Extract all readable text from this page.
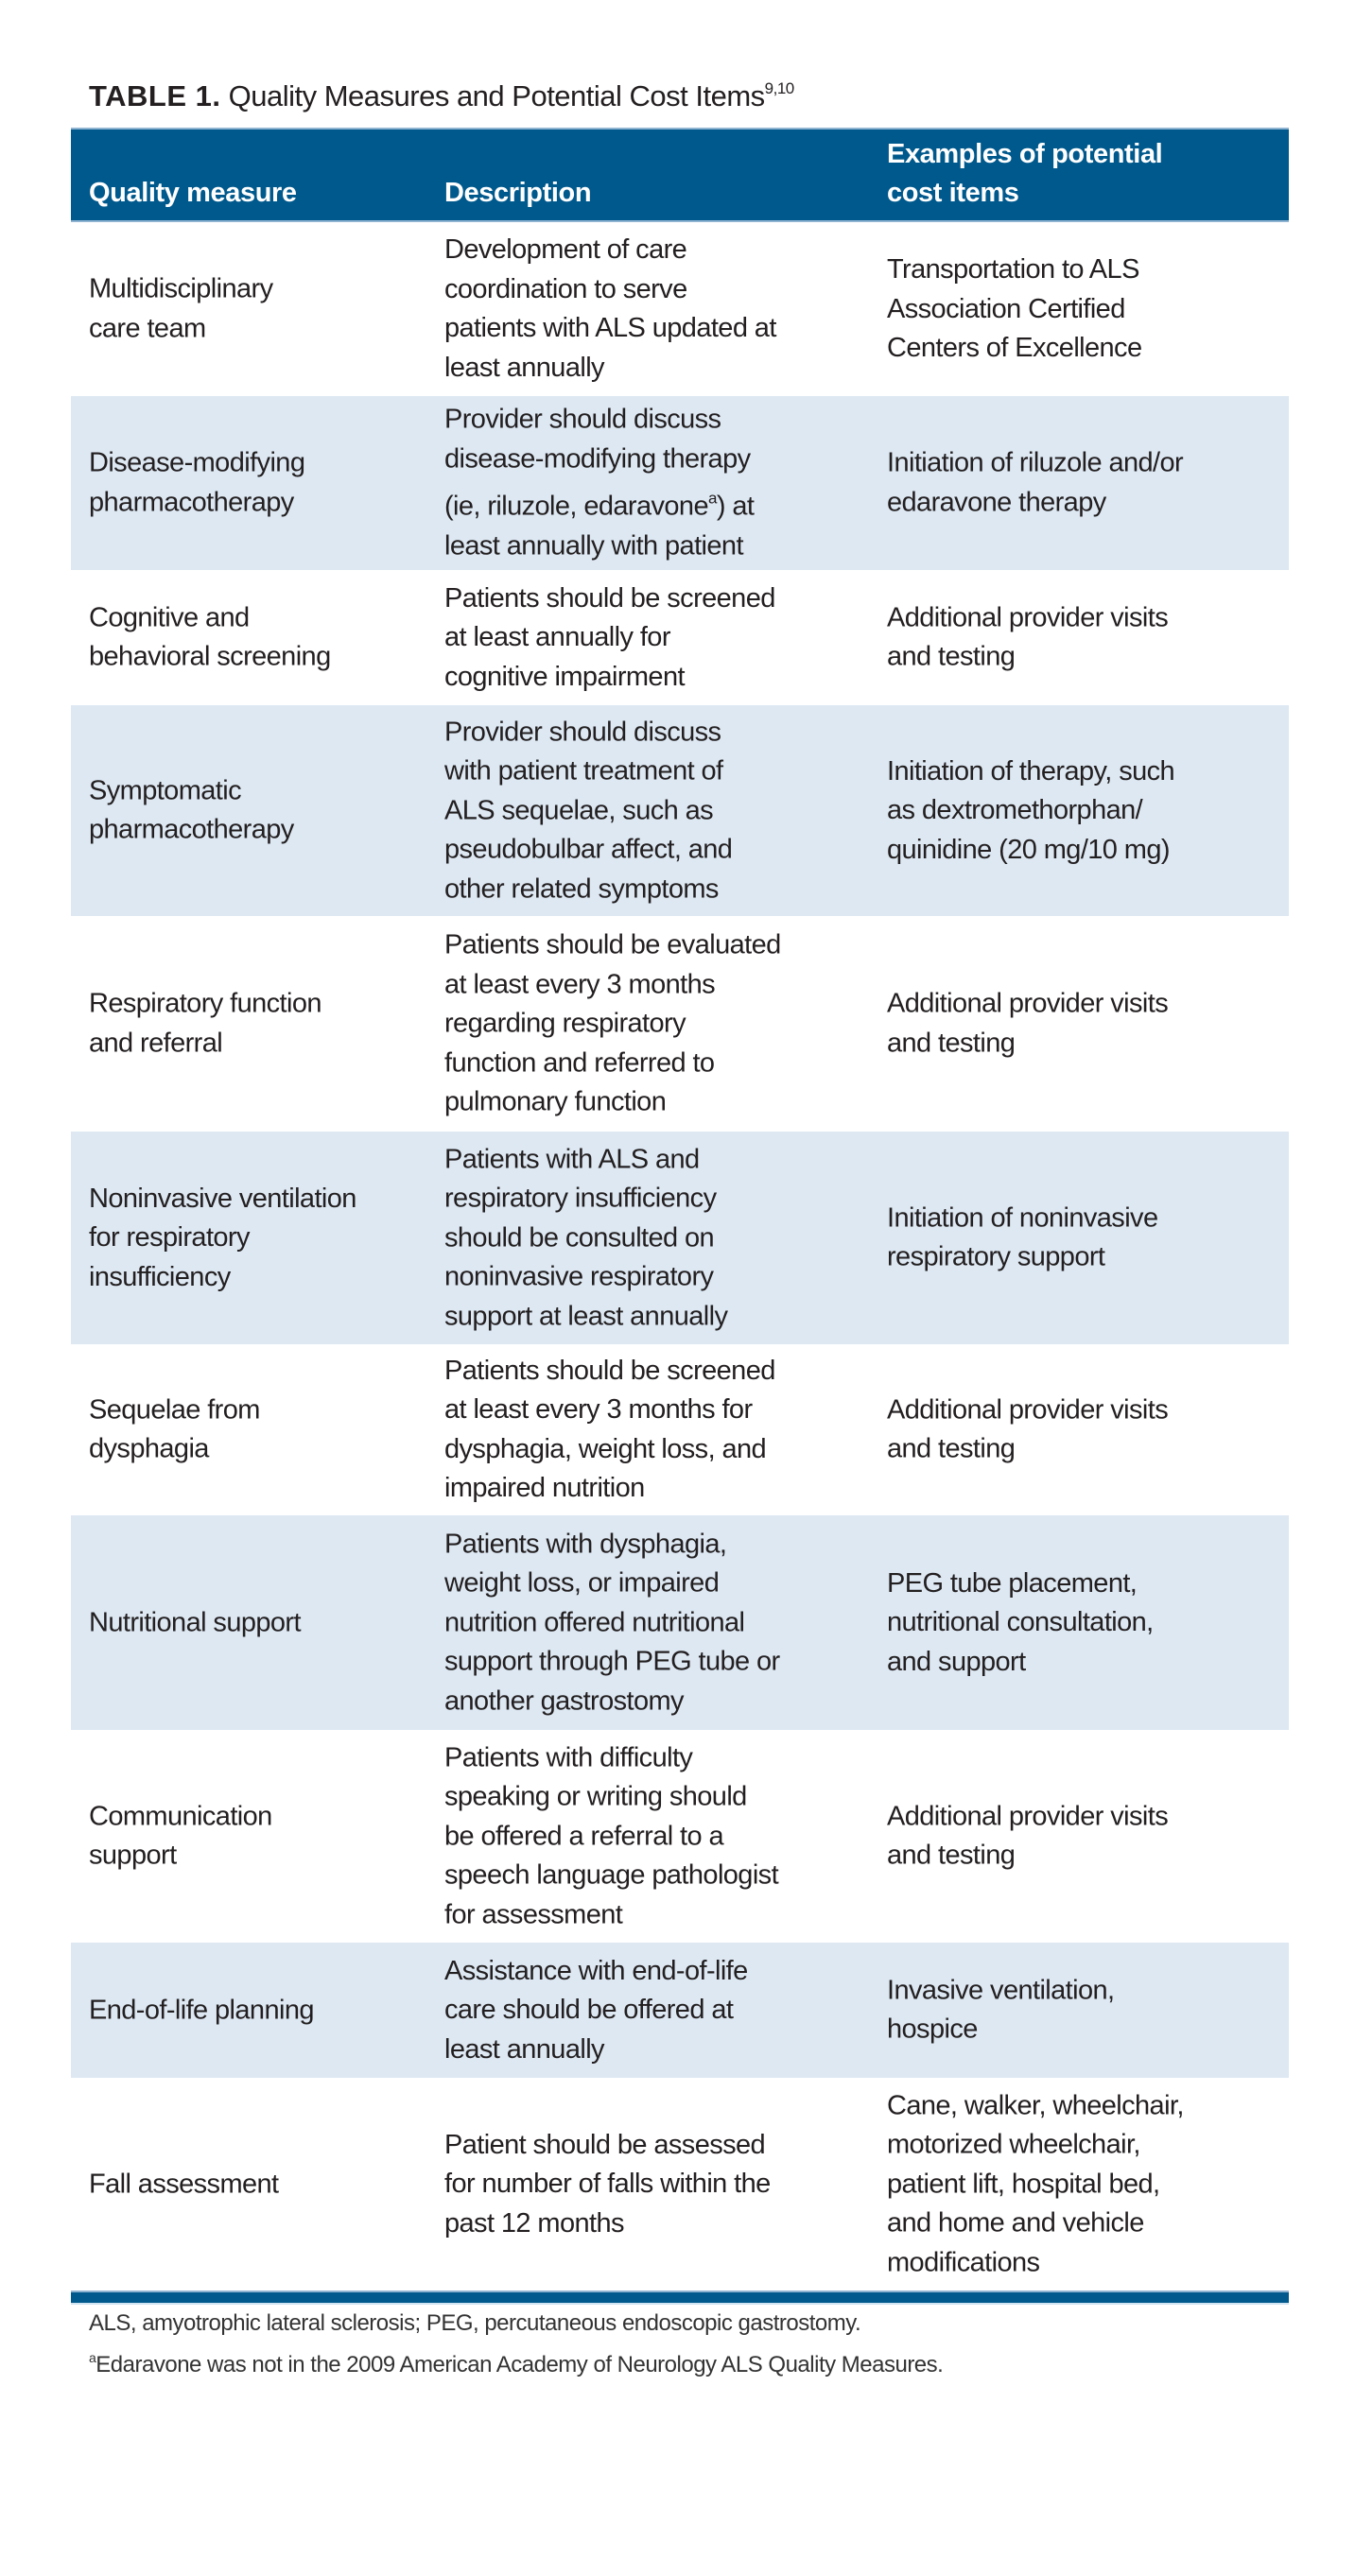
TABLE 1. Quality Measures and Potential Cost Items$^{9,10}$
Quality measure	Description
Examples of potential
cost items
Multidisciplinary
care team
Development of care
coordination to serve
patients with ALS updated at
least annually
Transportation to ALS
Association Certified
Centers of Excellence
Disease-modifying
pharmacotherapy
Provider should discuss
disease-modifying therapy
(ie, riluzole, edaravone$^a$) at
least annually with patient
Initiation of riluzole and/or
edaravone therapy
Cognitive and
behavioral screening
Patients should be screened
at least annually for
cognitive impairment
Additional provider visits
and testing
Symptomatic
pharmacotherapy
Provider should discuss
with patient treatment of
ALS sequelae, such as
pseudobulbar affect, and
other related symptoms
Initiation of therapy, such
as dextromethorphan/
quinidine (20 mg/10 mg)
Respiratory function
and referral
Patients should be evaluated
at least every 3 months
regarding respiratory
function and referred to
pulmonary function
Additional provider visits
and testing
Noninvasive ventilation
for respiratory
insufficiency
Patients with ALS and
respiratory insufficiency
should be consulted on
noninvasive respiratory
support at least annually
Initiation of noninvasive
respiratory support
Sequelae from
dysphagia
Patients should be screened
at least every 3 months for
dysphagia, weight loss, and
impaired nutrition
Additional provider visits
and testing
Nutritional support
Patients with dysphagia,
weight loss, or impaired
nutrition offered nutritional
support through PEG tube or
another gastrostomy
PEG tube placement,
nutritional consultation,
and support
Communication
support
Patients with difficulty
speaking or writing should
be offered a referral to a
speech language pathologist
for assessment
Additional provider visits
and testing
End-of-life planning
Assistance with end-of-life
care should be offered at
least annually
Invasive ventilation,
hospice
Fall assessment
Patient should be assessed
for number of falls within the
past 12 months
Cane, walker, wheelchair,
motorized wheelchair,
patient lift, hospital bed,
and home and vehicle
modifications
ALS, amyotrophic lateral sclerosis; PEG, percutaneous endoscopic gastrostomy.
$^a$Edaravone was not in the 2009 American Academy of Neurology ALS Quality Measures.
